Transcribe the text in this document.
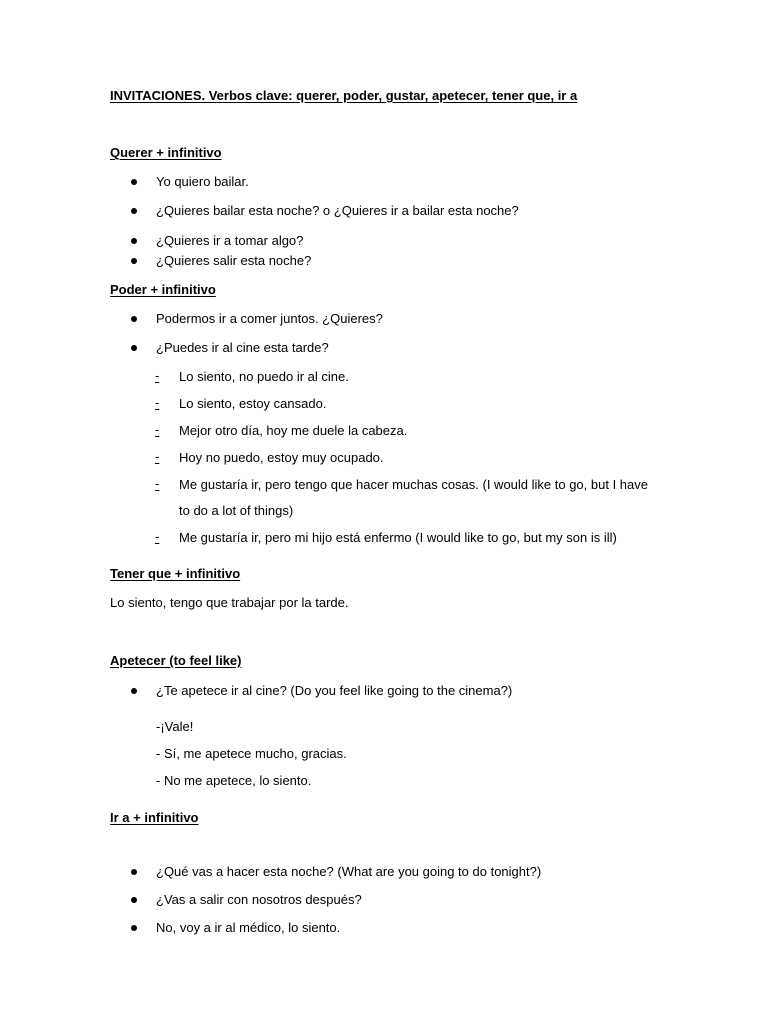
INVITACIONES. Verbos clave: querer, poder, gustar, apetecer, tener que, ir a
Querer + infinitivo
Yo quiero bailar.
¿Quieres bailar esta noche? o ¿Quieres ir a bailar esta noche?
¿Quieres ir a tomar algo?
¿Quieres salir esta noche?
Poder + infinitivo
Podermos ir a comer juntos. ¿Quieres?
¿Puedes ir al cine esta tarde?
- Lo siento, no puedo ir al cine.
- Lo siento, estoy cansado.
- Mejor otro día, hoy me duele la cabeza.
- Hoy no puedo, estoy muy ocupado.
- Me gustaría ir, pero tengo que hacer muchas cosas. (I would like to go, but I have
to do a lot of things)
- Me gustaría ir, pero mi hijo está enfermo (I would like to go, but my son is ill)
Tener que + infinitivo
Lo siento, tengo que trabajar por la tarde.
Apetecer (to feel like)
¿Te apetece ir al cine? (Do you feel like going to the cinema?)
-¡Vale!
- Sí, me apetece mucho, gracias.
- No me apetece, lo siento.
Ir a + infinitivo
¿Qué vas a hacer esta noche? (What are you going to do tonight?)
¿Vas a salir con nosotros después?
No, voy a ir al médico, lo siento.
